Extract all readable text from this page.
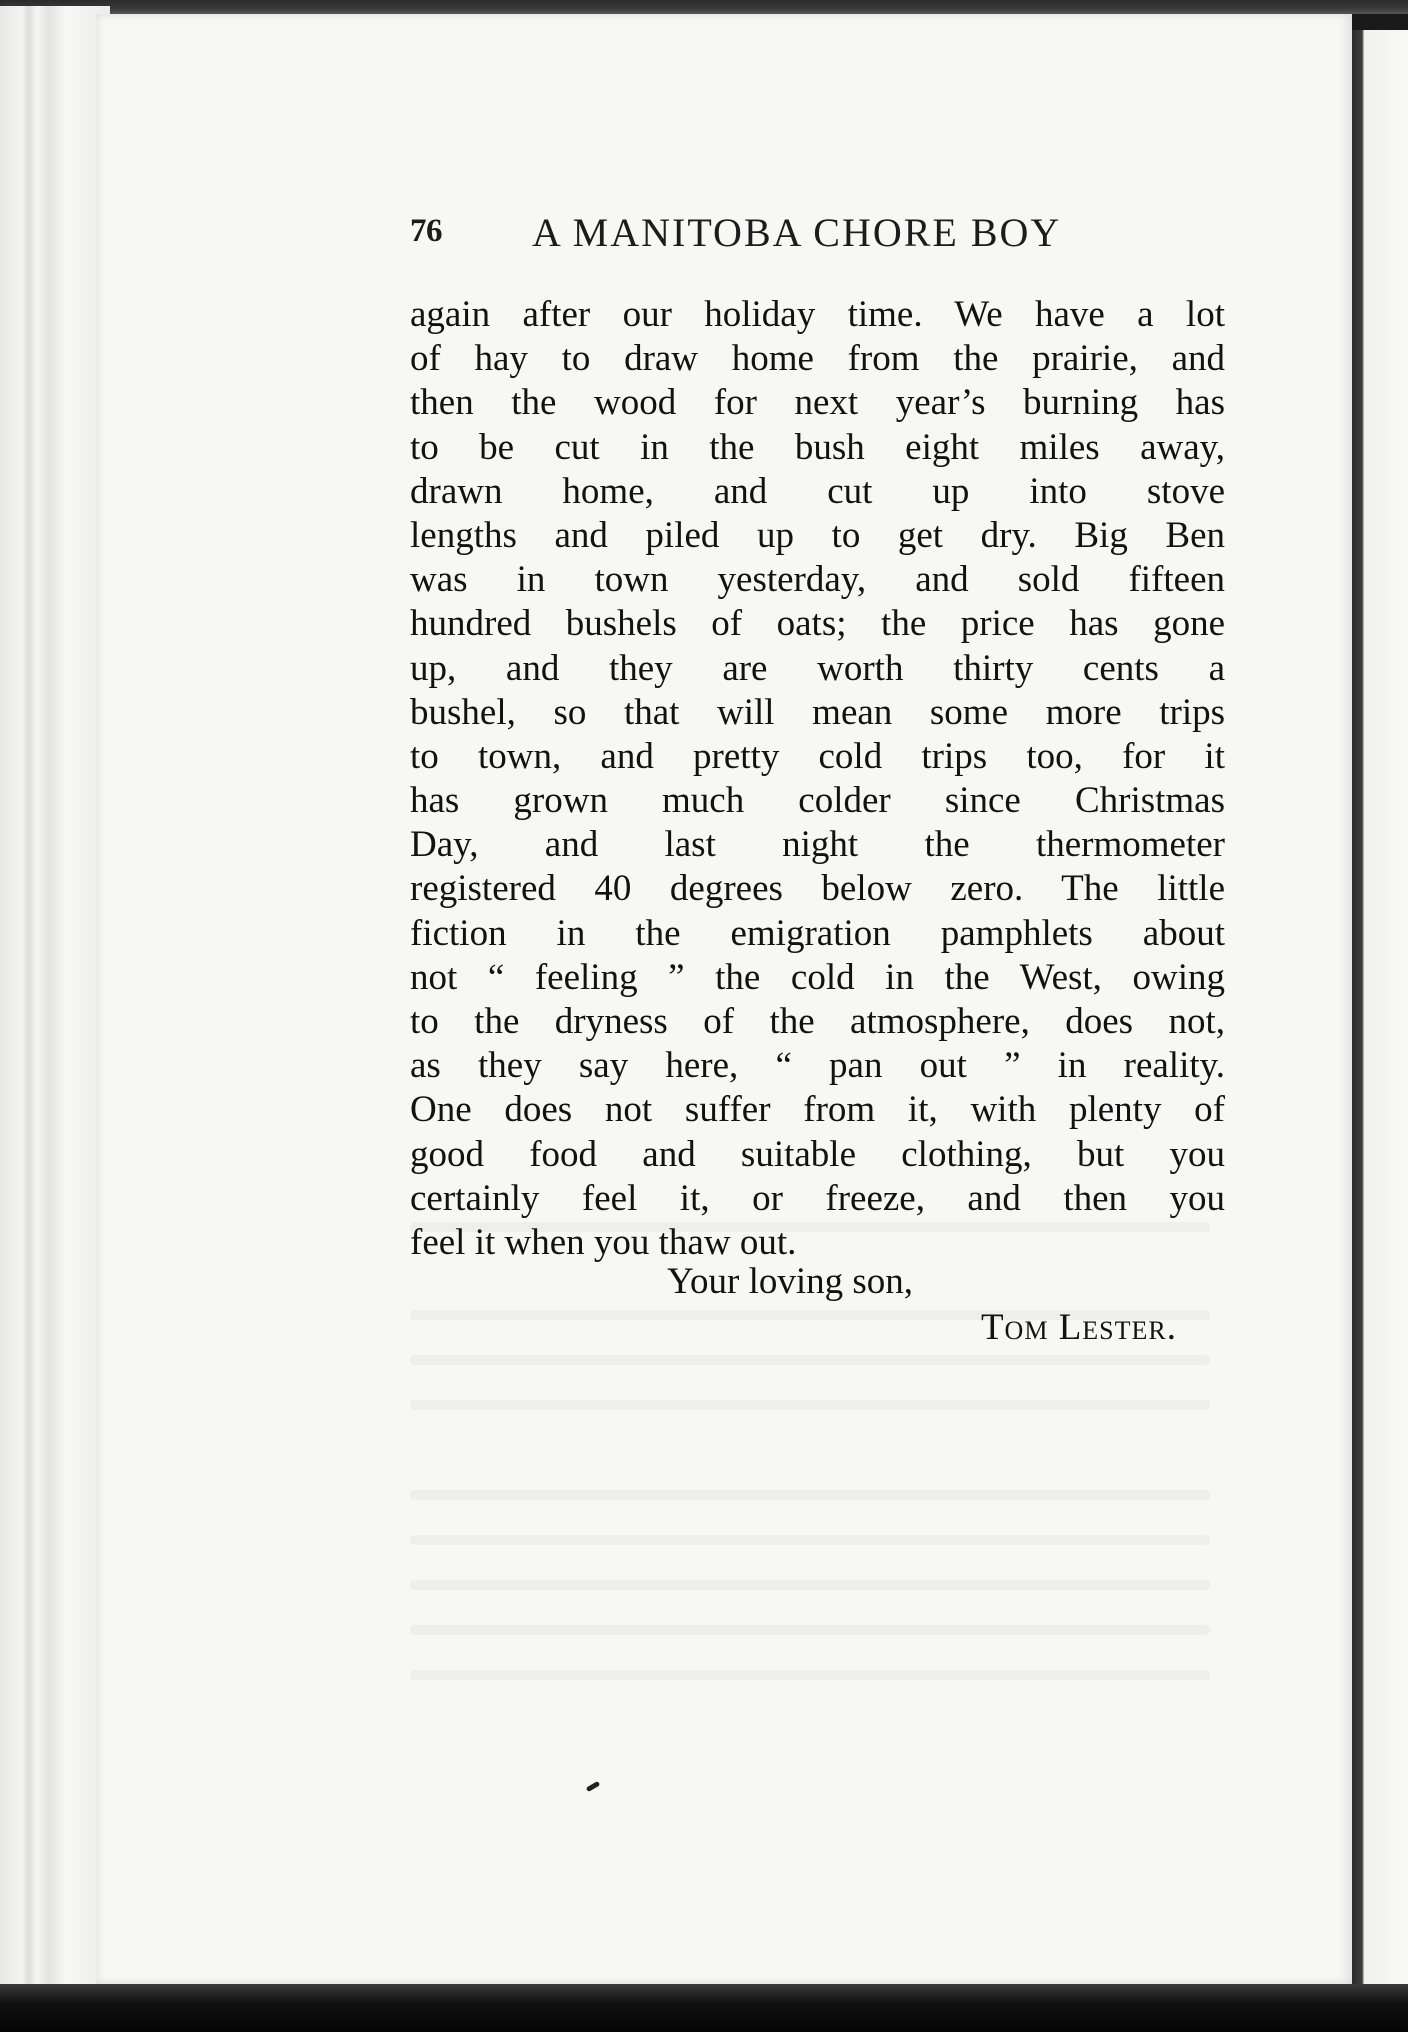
76 A MANITOBA CHORE BOY
again after our holiday time. We have a lot
of hay to draw home from the prairie, and
then the wood for next year’s burning has
to be cut in the bush eight miles away,
drawn home, and cut up into stove
lengths and piled up to get dry. Big Ben
was in town yesterday, and sold fifteen
hundred bushels of oats; the price has gone
up, and they are worth thirty cents a
bushel, so that will mean some more trips
to town, and pretty cold trips too, for it
has grown much colder since Christmas
Day, and last night the thermometer
registered 40 degrees below zero. The little
fiction in the emigration pamphlets about
not “ feeling ” the cold in the West, owing
to the dryness of the atmosphere, does not,
as they say here, “ pan out ” in reality.
One does not suffer from it, with plenty of
good food and suitable clothing, but you
certainly feel it, or freeze, and then you
feel it when you thaw out.
Your loving son,
Tom Lester.
